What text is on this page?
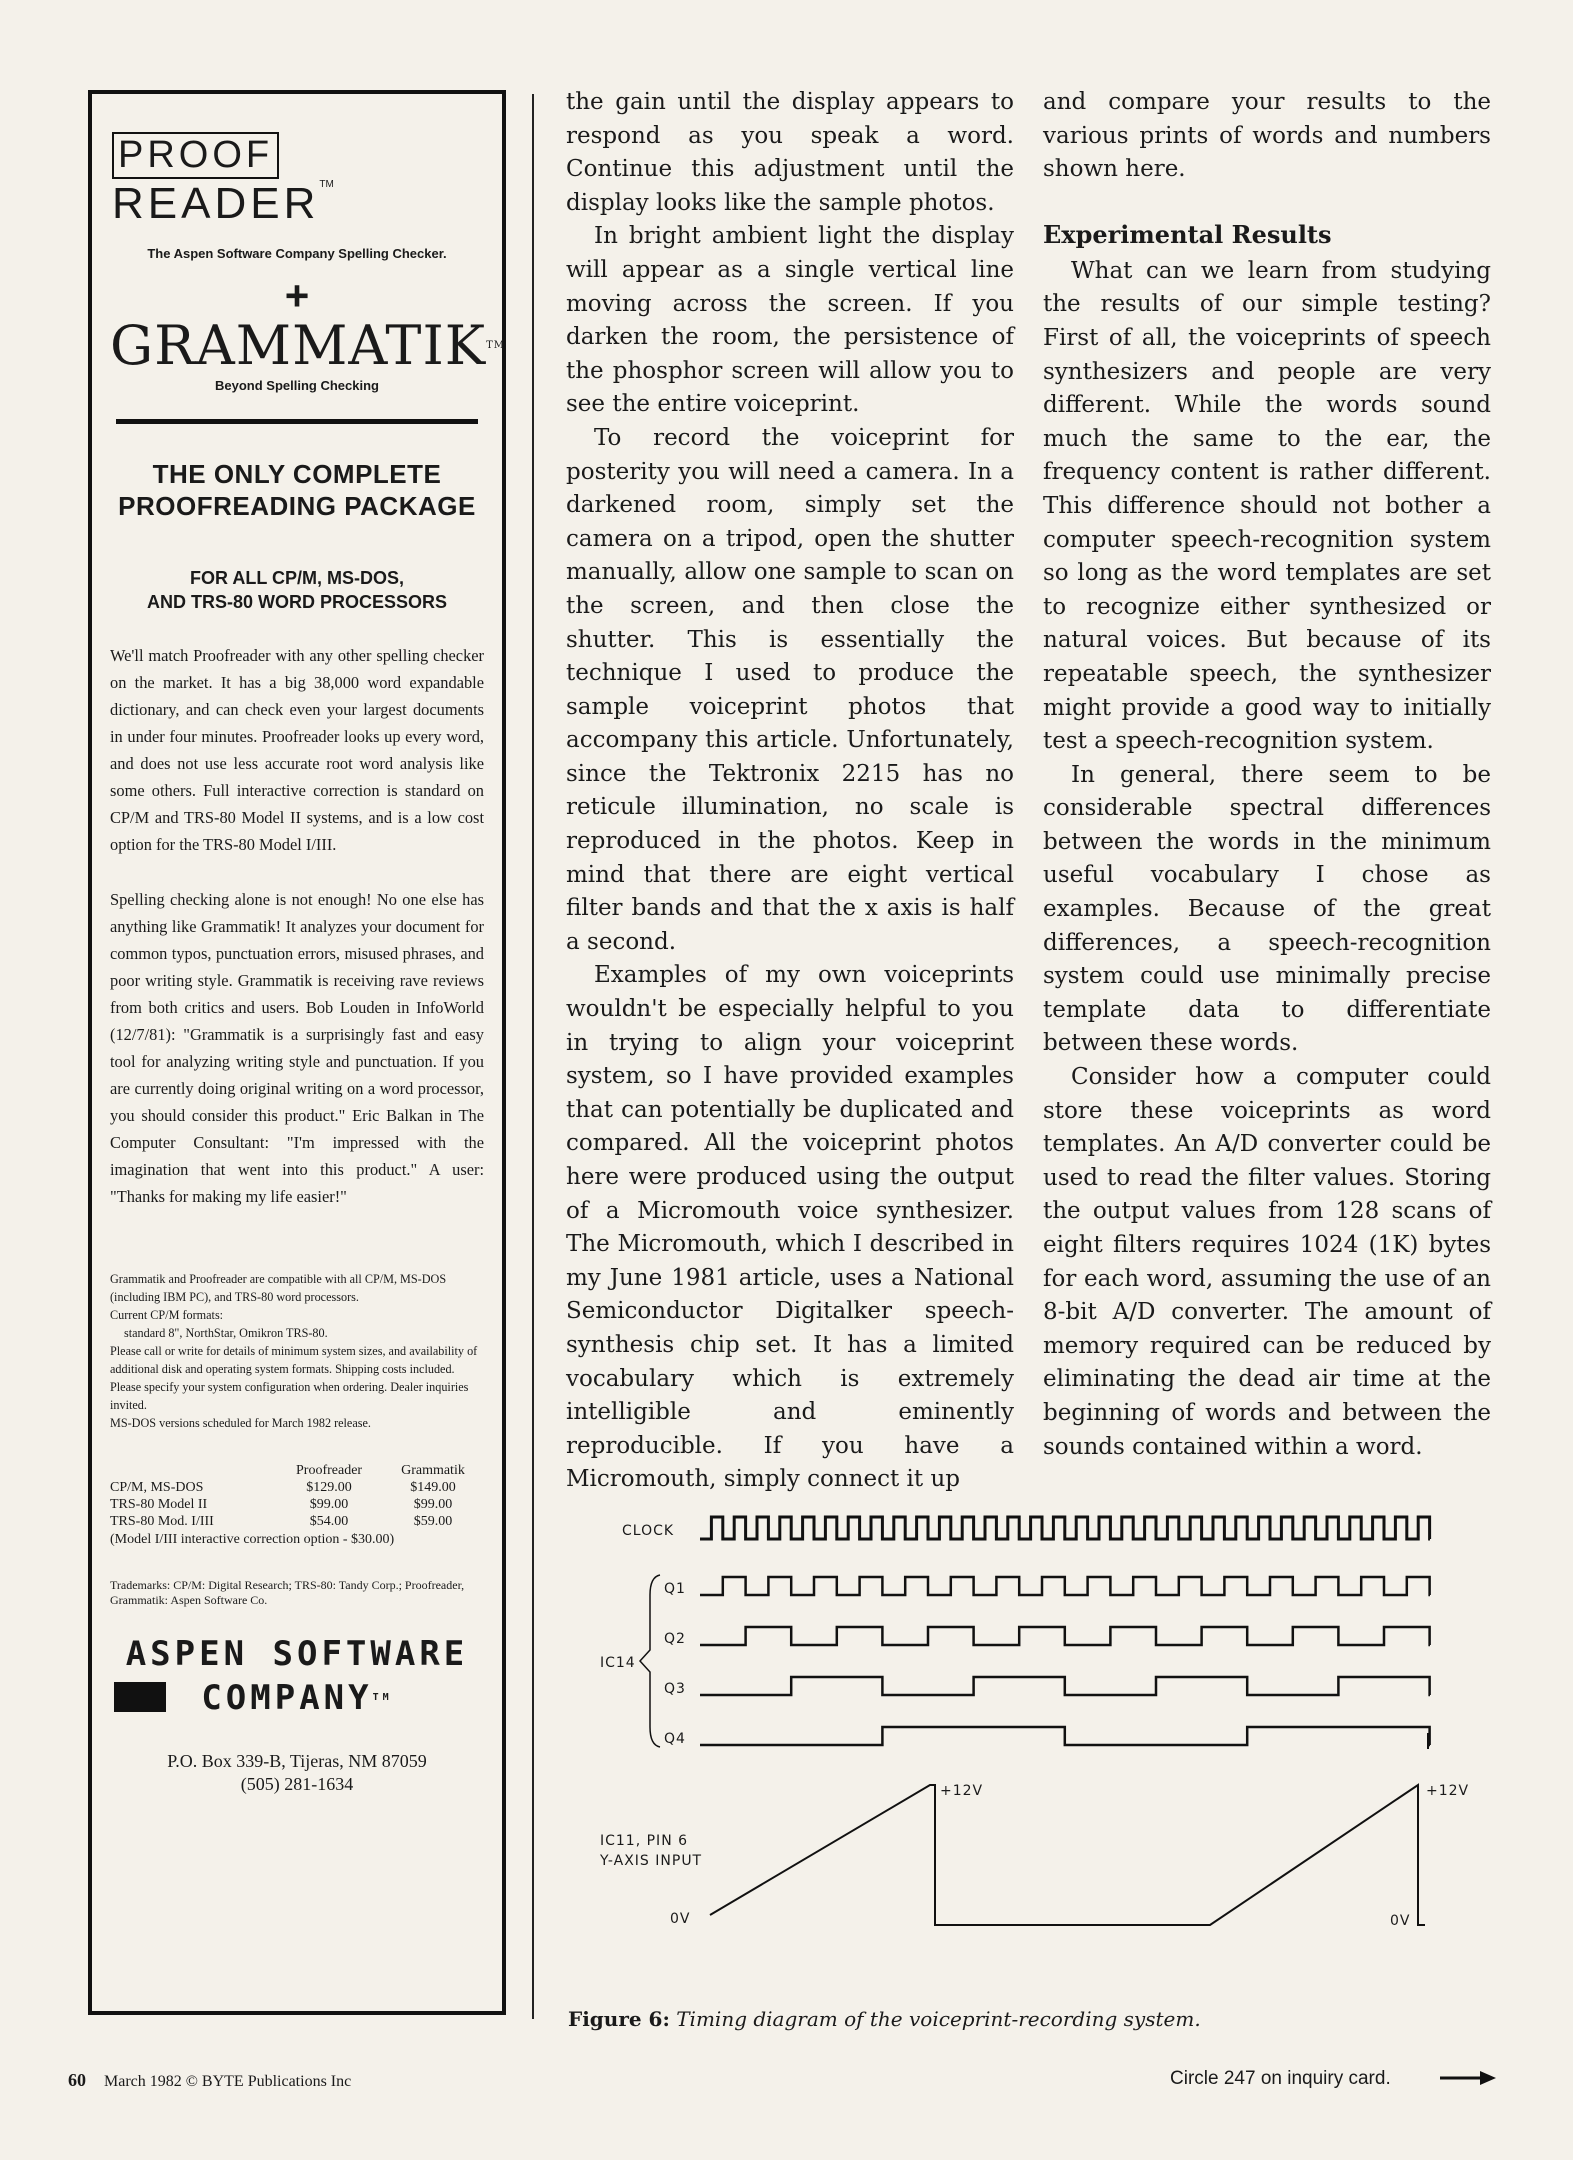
PROOFREADER™
The Aspen Software Company Spelling Checker.
+
GRAMMATIK™
Beyond Spelling Checking
THE ONLY COMPLETE
PROOFREADING PACKAGE
FOR ALL CP/M, MS-DOS,
AND TRS-80 WORD PROCESSORS

We'll match Proofreader with any other spelling checker on the market. It has a big 38,000 word expandable dictionary, and can check even your largest documents in under four minutes. Proofreader looks up every word, and does not use less accurate root word analysis like some others. Full interactive correction is standard on CP/M and TRS-80 Model II systems, and is a low cost option for the TRS-80 Model I/III.

Spelling checking alone is not enough! No one else has anything like Grammatik! It analyzes your document for common typos, punctuation errors, misused phrases, and poor writing style. Grammatik is receiving rave reviews from both critics and users. Bob Louden in InfoWorld (12/7/81): "Grammatik is a surprisingly fast and easy tool for analyzing writing style and punctuation. If you are currently doing original writing on a word processor, you should consider this product." Eric Balkan in The Computer Consultant: "I'm impressed with the imagination that went into this product." A user: "Thanks for making my life easier!"

Grammatik and Proofreader are compatible with all CP/M, MS-DOS (including IBM PC), and TRS-80 word processors.
Current CP/M formats:
standard 8", NorthStar, Omikron TRS-80.
Please call or write for details of minimum system sizes, and availability of additional disk and operating system formats. Shipping costs included.
Please specify your system configuration when ordering. Dealer inquiries invited.
MS-DOS versions scheduled for March 1982 release.
	Proofreader	Grammatik
CP/M, MS-DOS	$129.00	$149.00
TRS-80 Model II	$99.00	$99.00
TRS-80 Mod. I/III	$54.00	$59.00
(Model I/III interactive correction option - $30.00)
Trademarks: CP/M: Digital Research; TRS-80: Tandy Corp.; Proofreader, Grammatik: Aspen Software Co.
ASPEN SOFTWARE
COMPANY™
P.O. Box 339-B, Tijeras, NM 87059
(505) 281-1634

the gain until the display appears to respond as you speak a word. Continue this adjustment until the display looks like the sample photos.

In bright ambient light the display will appear as a single vertical line moving across the screen. If you darken the room, the persistence of the phosphor screen will allow you to see the entire voiceprint.

To record the voiceprint for posterity you will need a camera. In a darkened room, simply set the camera on a tripod, open the shutter manually, allow one sample to scan on the screen, and then close the shutter. This is essentially the technique I used to produce the sample voiceprint photos that accompany this article. Unfortunately, since the Tektronix 2215 has no reticule illumination, no scale is reproduced in the photos. Keep in mind that there are eight vertical filter bands and that the x axis is half a second.

Examples of my own voiceprints wouldn't be especially helpful to you in trying to align your voiceprint system, so I have provided examples that can potentially be duplicated and compared. All the voiceprint photos here were produced using the output of a Micromouth voice synthesizer. The Micromouth, which I described in my June 1981 article, uses a National Semiconductor Digitalker speech-synthesis chip set. It has a limited vocabulary which is extremely intelligible and eminently reproducible. If you have a Micromouth, simply connect it up

and compare your results to the various prints of words and numbers shown here.

Experimental Results

What can we learn from studying the results of our simple testing? First of all, the voiceprints of speech synthesizers and people are very different. While the words sound much the same to the ear, the frequency content is rather different. This difference should not bother a computer speech-recognition system so long as the word templates are set to recognize either synthesized or natural voices. But because of its repeatable speech, the synthesizer might provide a good way to initially test a speech-recognition system.

In general, there seem to be considerable spectral differences between the words in the minimum useful vocabulary I chose as examples. Because of the great differences, a speech-recognition system could use minimally precise template data to differentiate between these words.

Consider how a computer could store these voiceprints as word templates. An A/D converter could be used to read the filter values. Storing the output values from 128 scans of eight filters requires 1024 (1K) bytes for each word, assuming the use of an 8-bit A/D converter. The amount of memory required can be reduced by eliminating the dead air time at the beginning of words and between the sounds contained within a word.

CLOCK
Q1
Q2
Q3
Q4
IC14
IC11, PIN 6
Y-AXIS INPUT
+12V	+12V
0V	0V
Figure 6: Timing diagram of the voiceprint-recording system.
60 March 1982 © BYTE Publications Inc	Circle 247 on inquiry card.
